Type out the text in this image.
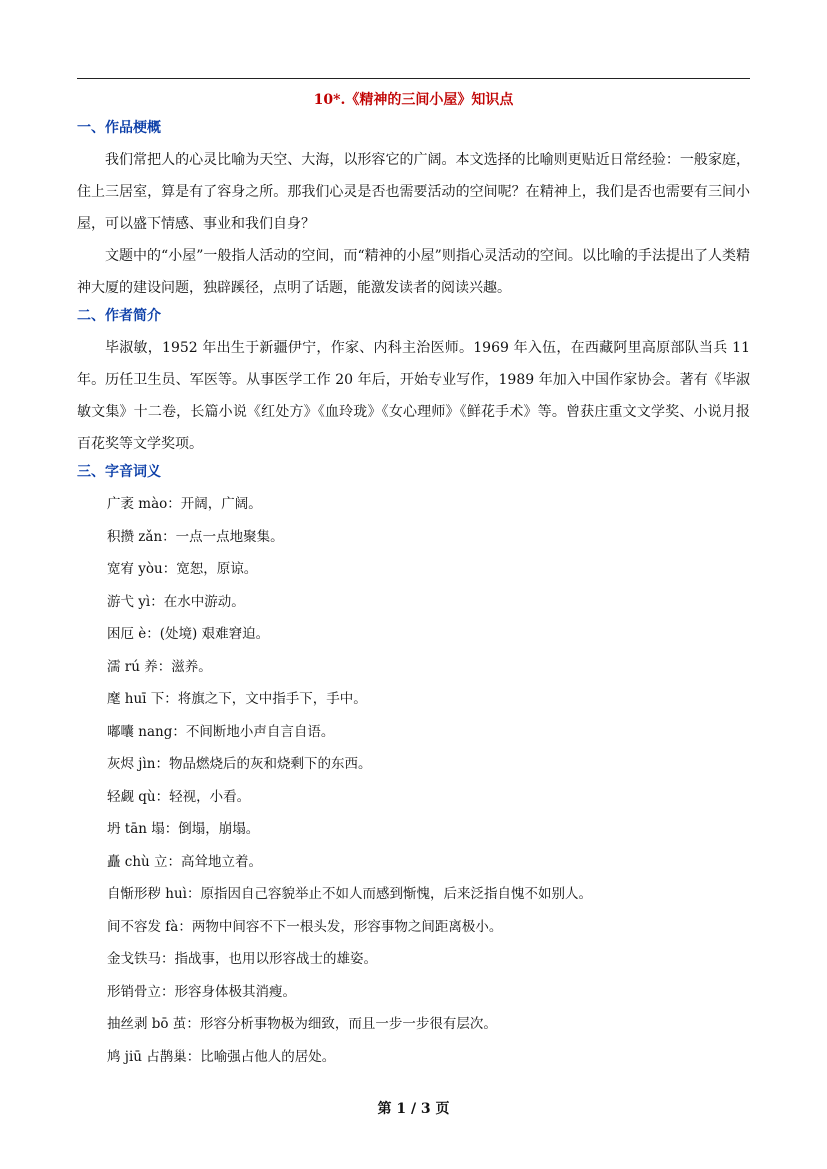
10*.《精神的三间小屋》知识点

一、作品梗概

我们常把人的心灵比喻为天空、大海，以形容它的广阔。本文选择的比喻则更贴近日常经验：一般家庭，住上三居室，算是有了容身之所。那我们心灵是否也需要活动的空间呢？在精神上，我们是否也需要有三间小屋，可以盛下情感、事业和我们自身？

文题中的“小屋”一般指人活动的空间，而“精神的小屋”则指心灵活动的空间。以比喻的手法提出了人类精神大厦的建设问题，独辟蹊径，点明了话题，能激发读者的阅读兴趣。

二、作者简介

毕淑敏，1952 年出生于新疆伊宁，作家、内科主治医师。1969 年入伍，在西藏阿里高原部队当兵 11 年。历任卫生员、军医等。从事医学工作 20 年后，开始专业写作，1989 年加入中国作家协会。著有《毕淑敏文集》十二卷，长篇小说《红处方》《血玲珑》《女心理师》《鲜花手术》等。曾获庄重文文学奖、小说月报百花奖等文学奖项。

三、字音词义

广袤 mào：开阔，广阔。
积攒 zǎn：一点一点地聚集。
宽宥 yòu：宽恕，原谅。
游弋 yì：在水中游动。
困厄 è：(处境) 艰难窘迫。
濡 rú 养：滋养。
麾 huī 下：将旗之下，文中指手下，手中。
嘟囔 nang：不间断地小声自言自语。
灰烬 jìn：物品燃烧后的灰和烧剩下的东西。
轻觑 qù：轻视，小看。
坍 tān 塌：倒塌，崩塌。
矗 chù 立：高耸地立着。
自惭形秽 huì：原指因自己容貌举止不如人而感到惭愧，后来泛指自愧不如别人。
间不容发 fà：两物中间容不下一根头发，形容事物之间距离极小。
金戈铁马：指战事，也用以形容战士的雄姿。
形销骨立：形容身体极其消瘦。
抽丝剥 bō 茧：形容分析事物极为细致，而且一步一步很有层次。
鸠 jiū 占鹊巢：比喻强占他人的居处。
第 1 / 3 页
